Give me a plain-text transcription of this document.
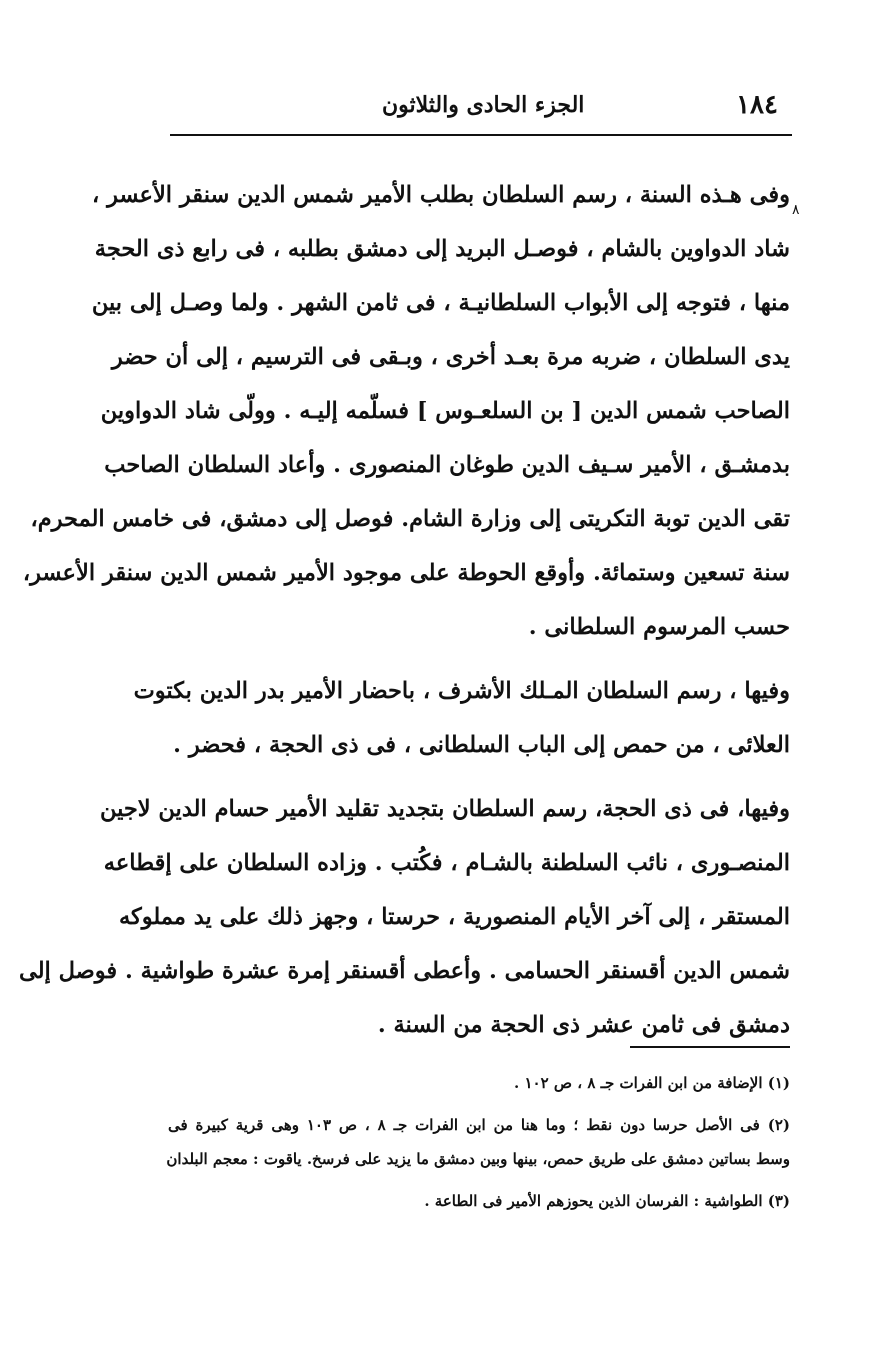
١٨٤
الجزء الحادى والثلاثون
٨
وفى هـذه السنة ، رسم السلطان بطلب الأمير شمس الدين سنقر الأعسر ،
شاد الدواوين بالشام ، فوصـل البريد إلى دمشق بطلبه ، فى رابع ذى الحجة
منها ، فتوجه إلى الأبواب السلطانيـة ، فى ثامن الشهر . ولما وصـل إلى بين
يدى السلطان ، ضربه مرة بعـد أخرى ، وبـقى فى الترسيم ، إلى أن حضر
الصاحب شمس الدين [ بن السلعـوس ] فسلّمه إليـه . وولّى شاد الدواوين
بدمشـق ، الأمير سـيف الدين طوغان المنصورى . وأعاد السلطان الصاحب
تقى الدين توبة التكريتى إلى وزارة الشام. فوصل إلى دمشق، فى خامس المحرم،
سنة تسعين وستمائة. وأوقع الحوطة على موجود الأمير شمس الدين سنقر الأعسر،
حسب المرسوم السلطانى .
وفيها ، رسم السلطان المـلك الأشرف ، باحضار الأمير بدر الدين بكتوت
العلائى ، من حمص إلى الباب السلطانى ، فى ذى الحجة ، فحضر .
وفيها، فى ذى الحجة، رسم السلطان بتجديد تقليد الأمير حسام الدين لاجين
المنصـورى ، نائب السلطنة بالشـام ، فكُتب . وزاده السلطان على إقطاعه
المستقر ، إلى آخر الأيام المنصورية ، حرستا ، وجهز ذلك على يد مملوكه
شمس الدين أقسنقر الحسامى . وأعطى أقسنقر إمرة عشرة طواشية . فوصل إلى
دمشق فى ثامن عشر ذى الحجة من السنة .
(١) الإضافة من ابن الفرات جـ ٨ ، ص ١٠٢ .
(٢) فى الأصل حرسا دون نقط ؛ وما هنا من ابن الفرات جـ ٨ ، ص ١٠٣ وهى قرية كبيرة فى
وسط بساتين دمشق على طريق حمص، بينها وبين دمشق ما يزيد على فرسخ. ياقوت : معجم البلدان
(٣) الطواشية : الفرسان الذين يحوزهم الأمير فى الطاعة .
